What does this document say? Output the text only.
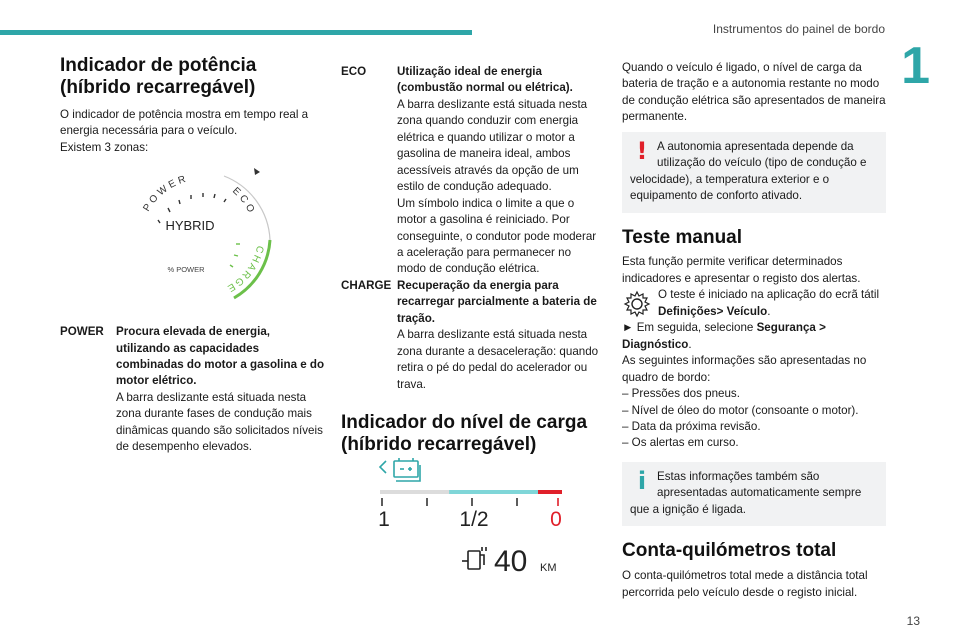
Instrumentos do painel de bordo
1
13
Indicador de potência (híbrido recarregável)

O indicador de potência mostra em tempo real a energia necessária para o veículo.

Existem 3 zonas:

POWER	Procura elevada de energia, utilizando as capacidades combinadas do motor a gasolina e do motor elétrico.
A barra deslizante está situada nesta zona durante fases de condução mais dinâmicas quando são solicitados níveis de desempenho elevados.
POWER
ECO
CHARGE
HYBRID
% POWER
ECO	Utilização ideal de energia (combustão normal ou elétrica).
A barra deslizante está situada nesta zona quando conduzir com energia elétrica e quando utilizar o motor a gasolina de maneira ideal, ambos acessíveis através da opção de um estilo de condução adequado.
Um símbolo indica o limite a que o motor a gasolina é reiniciado. Por conseguinte, o condutor pode moderar a aceleração para permanecer no modo de condução elétrica.
CHARGE Recuperação da energia para recarregar parcialmente a bateria de tração.
A barra deslizante está situada nesta zona durante a desaceleração: quando retira o pé do pedal do acelerador ou trava.
Indicador do nível de carga (híbrido recarregável)
1	1/2	0
40 KM

Quando o veículo é ligado, o nível de carga da bateria de tração e a autonomia restante no modo de condução elétrica são apresentados de maneira permanente.

! A autonomia apresentada depende da utilização do veículo (tipo de condução e velocidade), a temperatura exterior e o equipamento de conforto ativado.
Teste manual

Esta função permite verificar determinados indicadores e apresentar o registo dos alertas.

O teste é iniciado na aplicação do ecrã tátil Definições> Veículo.

► Em seguida, selecione Segurança >
Diagnóstico.

As seguintes informações são apresentadas no quadro de bordo:

– Pressões dos pneus.
– Nível de óleo do motor (consoante o motor).
– Data da próxima revisão.
– Os alertas em curso.
i Estas informações também são apresentadas automaticamente sempre que a ignição é ligada.
Conta-quilómetros total

O conta-quilómetros total mede a distância total percorrida pelo veículo desde o registo inicial.
